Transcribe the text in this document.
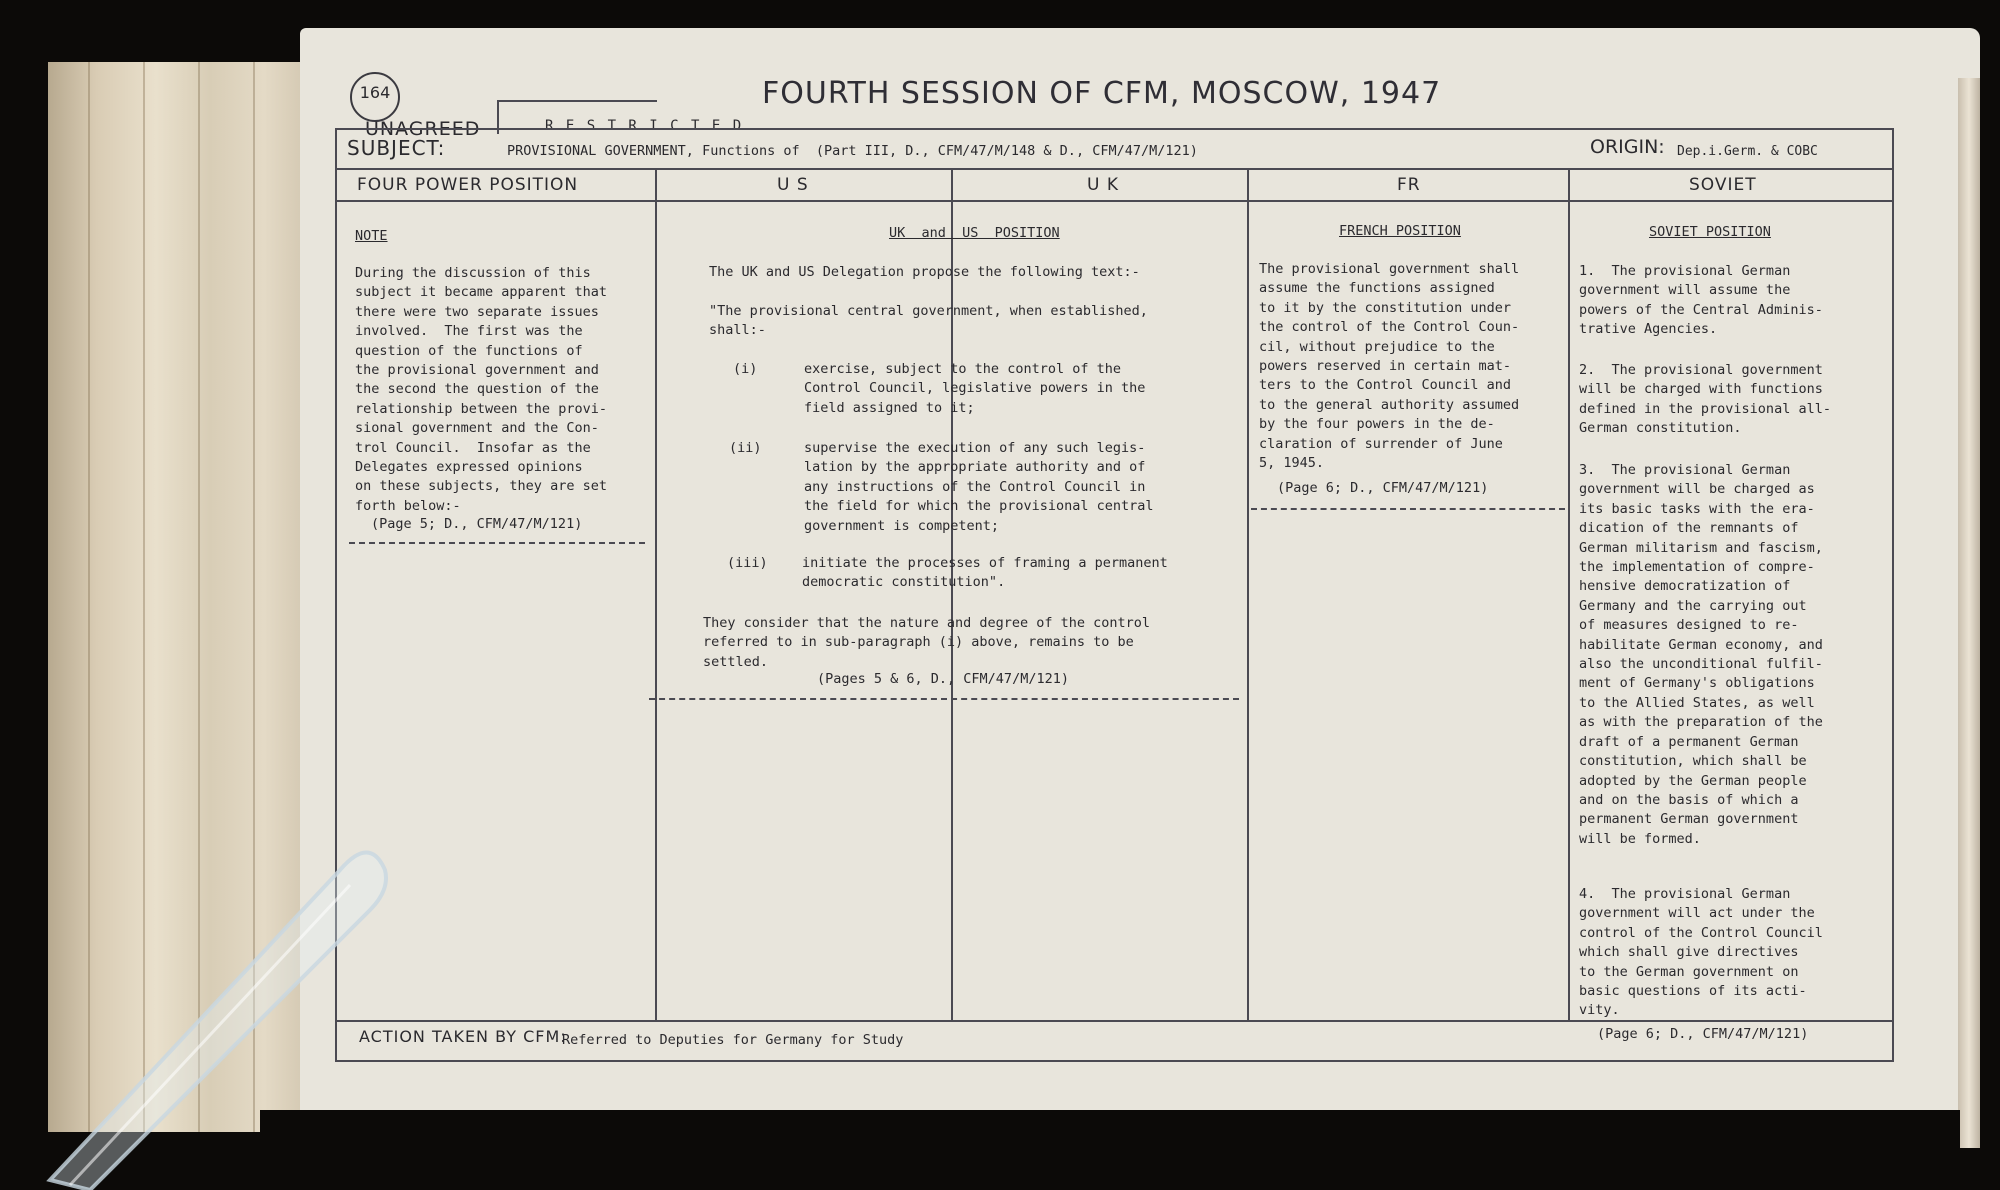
164	FOURTH SESSION OF CFM, MOSCOW, 1947
UNAGREED	R E S T R I C T E D
SUBJECT:	PROVISIONAL GOVERNMENT, Functions of  (Part III, D., CFM/47/M/148 & D., CFM/47/M/121)	ORIGIN: Dep.i.Germ. & COBC
FOUR POWER POSITION	U S	U K	FR	SOVIET
NOTE
During the discussion of this
subject it became apparent that
there were two separate issues
involved.  The first was the
question of the functions of
the provisional government and
the second the question of the
relationship between the provi-
sional government and the Con-
trol Council.  Insofar as the
Delegates expressed opinions
on these subjects, they are set
forth below:-
(Page 5; D., CFM/47/M/121)
UK  and  US  POSITION
The UK and US Delegation propose the following text:-
"The provisional central government, when established,
shall:-
(i)	exercise, subject to the control of the
Control Council, legislative powers in the
field assigned to it;
(ii)	supervise the execution of any such legis-
lation by the appropriate authority and of
any instructions of the Control Council in
the field for which the provisional central
government is competent;
(iii)	initiate the processes of framing a permanent
democratic constitution".
They consider that the nature and degree of the control
referred to in sub-paragraph (i) above, remains to be
settled.
(Pages 5 & 6, D., CFM/47/M/121)
FRENCH POSITION
The provisional government shall
assume the functions assigned
to it by the constitution under
the control of the Control Coun-
cil, without prejudice to the
powers reserved in certain mat-
ters to the Control Council and
to the general authority assumed
by the four powers in the de-
claration of surrender of June
5, 1945.
(Page 6; D., CFM/47/M/121)
SOVIET POSITION
1.  The provisional German
government will assume the
powers of the Central Adminis-
trative Agencies.
2.  The provisional government
will be charged with functions
defined in the provisional all-
German constitution.
3.  The provisional German
government will be charged as
its basic tasks with the era-
dication of the remnants of
German militarism and fascism,
the implementation of compre-
hensive democratization of
Germany and the carrying out
of measures designed to re-
habilitate German economy, and
also the unconditional fulfil-
ment of Germany's obligations
to the Allied States, as well
as with the preparation of the
draft of a permanent German
constitution, which shall be
adopted by the German people
and on the basis of which a
permanent German government
will be formed.
4.  The provisional German
government will act under the
control of the Control Council
which shall give directives
to the German government on
basic questions of its acti-
vity.
(Page 6; D., CFM/47/M/121)
ACTION TAKEN BY CFM:
Referred to Deputies for Germany for Study
